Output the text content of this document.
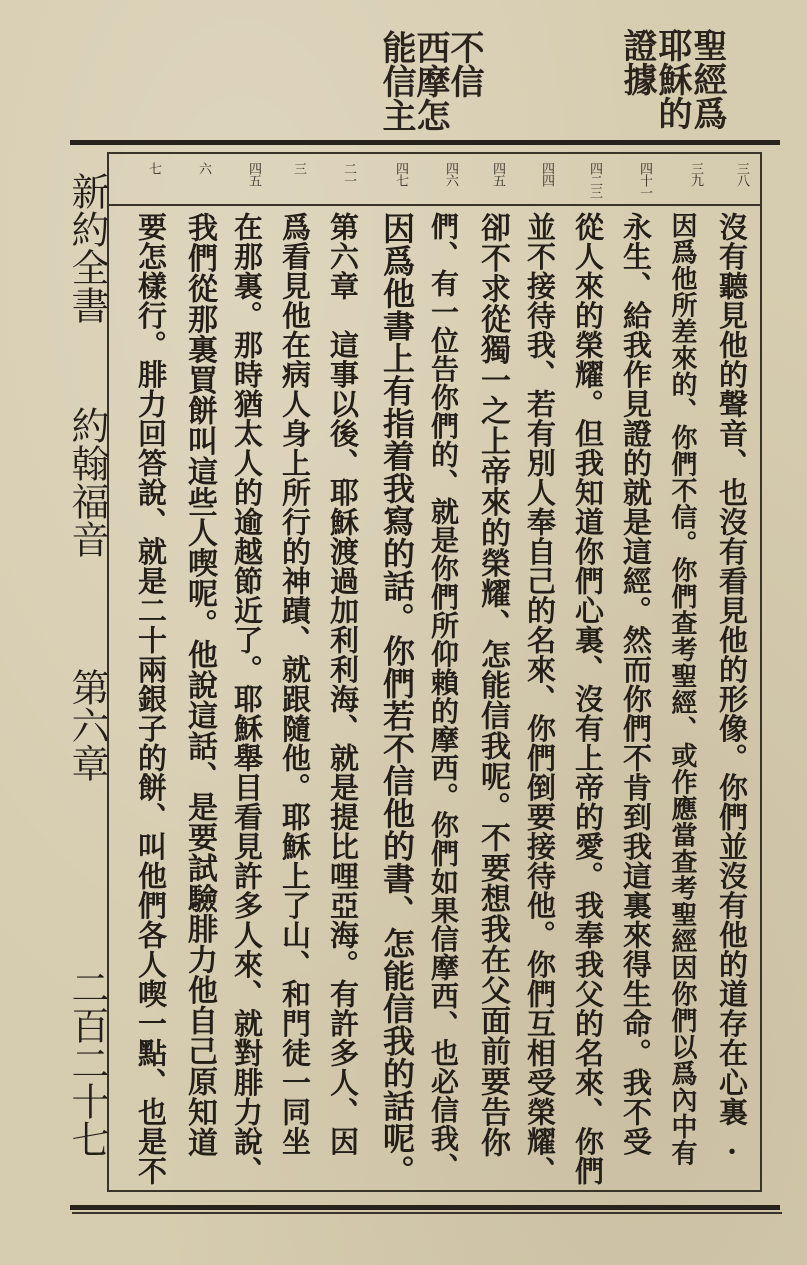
聖經爲
耶穌的
證據
不信
西摩怎
能信主
三八
三九
四十一
四二三
四四
四五
四六
四七
二一
三
四五
六
七
新約全書
約翰福音
第六章
二百二十七	沒有聽見他的聲音、也沒有看見他的形像。你們並沒有他的道存在心裏.
因爲他所差來的、你們不信。你們查考聖經、或作應當查考聖經因你們以爲內中有
永生、給我作見證的就是這經。然而你們不肯到我這裏來得生命。我不受
從人來的榮耀。但我知道你們心裏、沒有上帝的愛。我奉我父的名來、你們
並不接待我、若有別人奉自己的名來、你們倒要接待他。你們互相受榮耀、
卻不求從獨一之上帝來的榮耀、怎能信我呢。不要想我在父面前要告你
們、有一位告你們的、就是你們所仰賴的摩西。你們如果信摩西、也必信我、
因爲他書上有指着我寫的話。你們若不信他的書、怎能信我的話呢。
第六章　這事以後、耶穌渡過加利利海、就是提比哩亞海。有許多人、因
爲看見他在病人身上所行的神蹟、就跟隨他。耶穌上了山、和門徒一同坐
在那裏。那時猶太人的逾越節近了。耶穌舉目看見許多人來、就對腓力說、
我們從那裏買餅叫這些人喫呢。他說這話、是要試驗腓力他自己原知道
要怎樣行。腓力回答說、就是二十兩銀子的餅、叫他們各人喫一點、也是不
